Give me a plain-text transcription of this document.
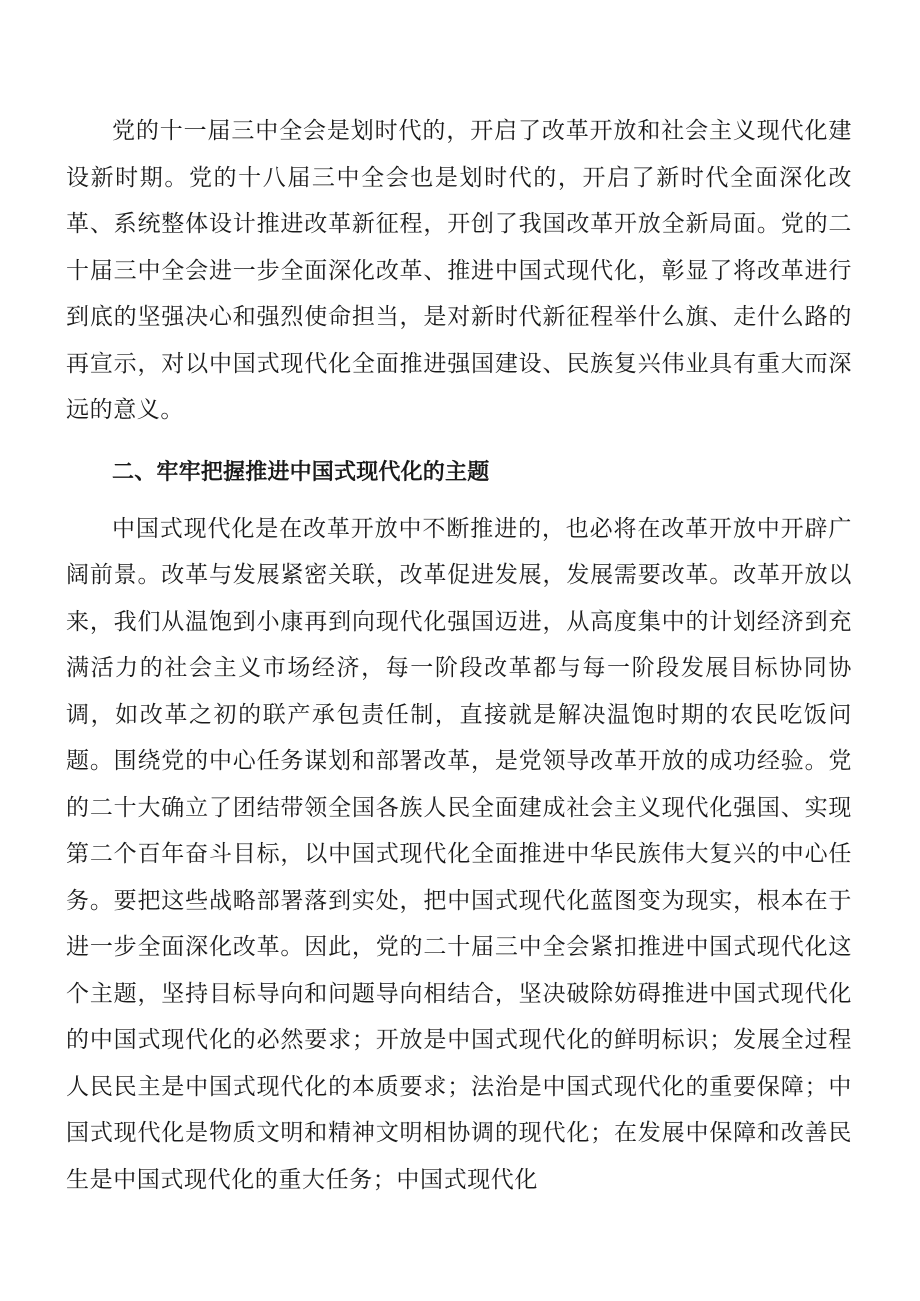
党的十一届三中全会是划时代的，开启了改革开放和社会主义现代化建设新时期。党的十八届三中全会也是划时代的，开启了新时代全面深化改革、系统整体设计推进改革新征程，开创了我国改革开放全新局面。党的二十届三中全会进一步全面深化改革、推进中国式现代化，彰显了将改革进行到底的坚强决心和强烈使命担当，是对新时代新征程举什么旗、走什么路的再宣示，对以中国式现代化全面推进强国建设、民族复兴伟业具有重大而深远的意义。

二、牢牢把握推进中国式现代化的主题

中国式现代化是在改革开放中不断推进的，也必将在改革开放中开辟广阔前景。改革与发展紧密关联，改革促进发展，发展需要改革。改革开放以来，我们从温饱到小康再到向现代化强国迈进，从高度集中的计划经济到充满活力的社会主义市场经济，每一阶段改革都与每一阶段发展目标协同协调，如改革之初的联产承包责任制，直接就是解决温饱时期的农民吃饭问题。围绕党的中心任务谋划和部署改革，是党领导改革开放的成功经验。党的二十大确立了团结带领全国各族人民全面建成社会主义现代化强国、实现第二个百年奋斗目标，以中国式现代化全面推进中华民族伟大复兴的中心任务。要把这些战略部署落到实处，把中国式现代化蓝图变为现实，根本在于进一步全面深化改革。因此，党的二十届三中全会紧扣推进中国式现代化这个主题，坚持目标导向和问题导向相结合，坚决破除妨碍推进中国式现代化的中国式现代化的必然要求；开放是中国式现代化的鲜明标识；发展全过程人民民主是中国式现代化的本质要求；法治是中国式现代化的重要保障；中国式现代化是物质文明和精神文明相协调的现代化；在发展中保障和改善民生是中国式现代化的重大任务；中国式现代化
